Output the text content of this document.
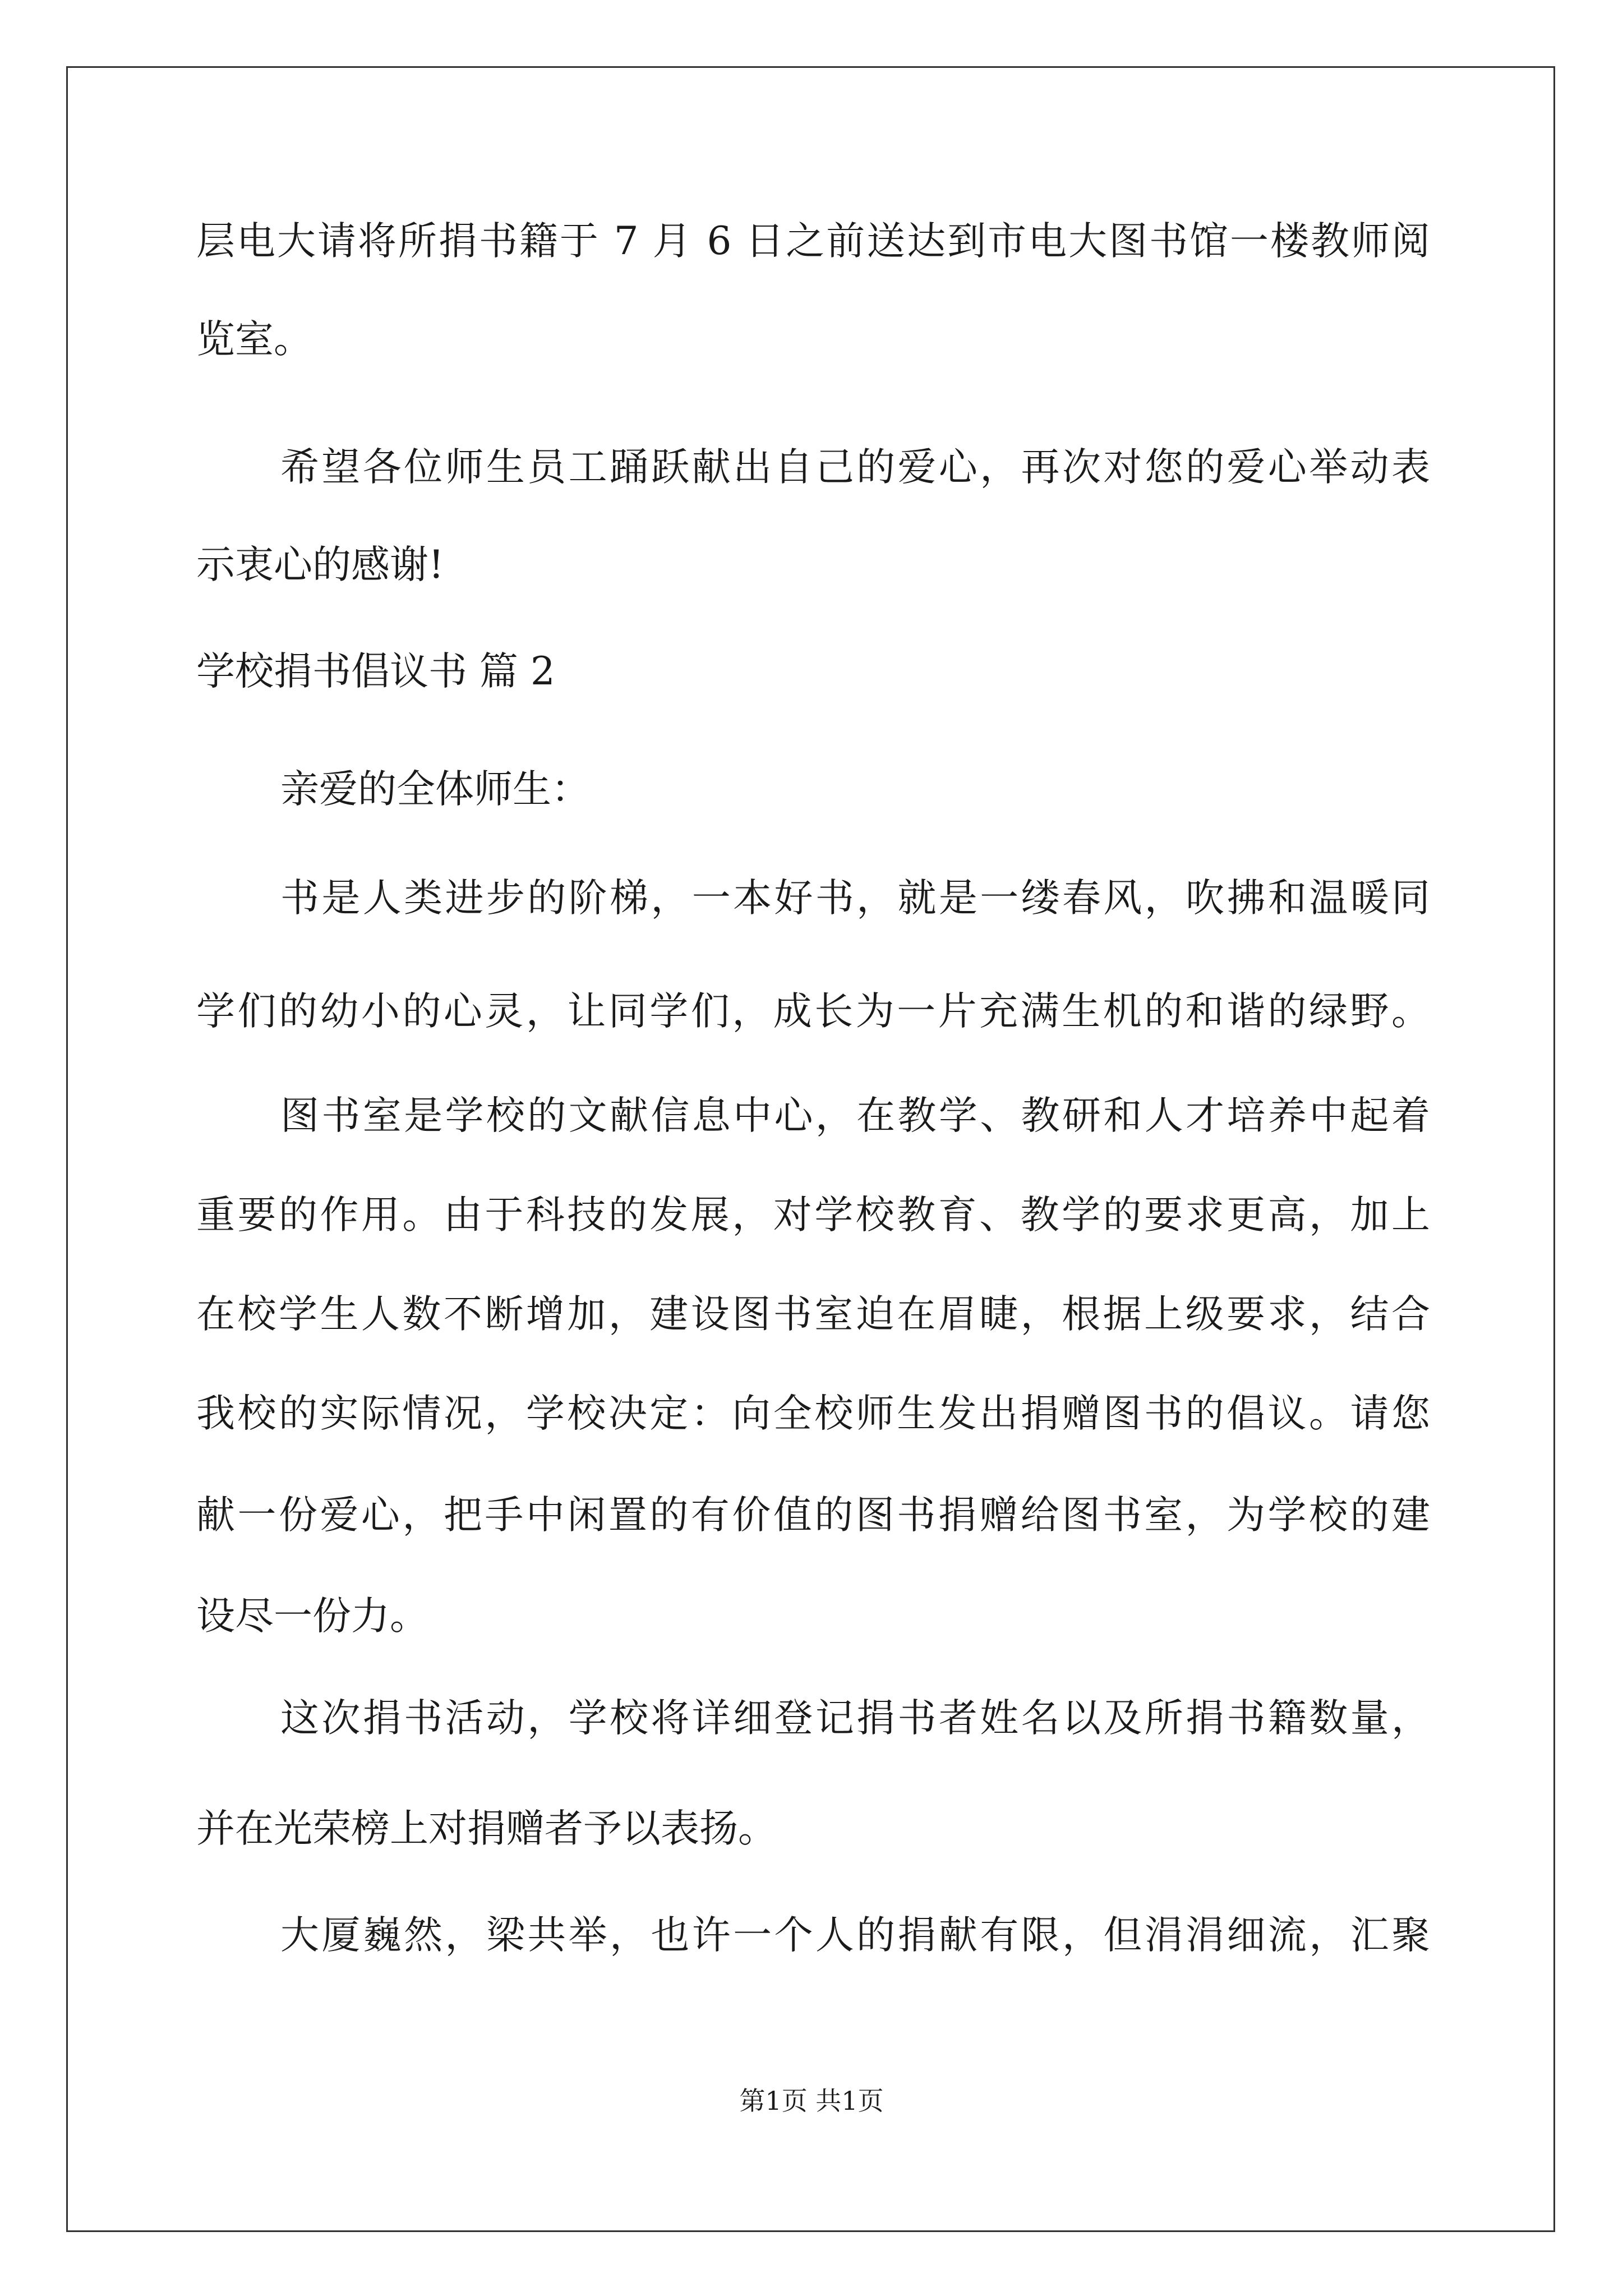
层电大请将所捐书籍于 7 月 6 日之前送达到市电大图书馆一楼教师阅
览室。
希望各位师生员工踊跃献出自己的爱心，再次对您的爱心举动表
示衷心的感谢!
学校捐书倡议书 篇 2
亲爱的全体师生：
书是人类进步的阶梯，一本好书，就是一缕春风，吹拂和温暖同
学们的幼小的心灵，让同学们，成长为一片充满生机的和谐的绿野。
图书室是学校的文献信息中心，在教学、教研和人才培养中起着
重要的作用。由于科技的发展，对学校教育、教学的要求更高，加上
在校学生人数不断增加，建设图书室迫在眉睫，根据上级要求，结合
我校的实际情况，学校决定：向全校师生发出捐赠图书的倡议。请您
献一份爱心，把手中闲置的有价值的图书捐赠给图书室，为学校的建
设尽一份力。
这次捐书活动，学校将详细登记捐书者姓名以及所捐书籍数量，
并在光荣榜上对捐赠者予以表扬。
大厦巍然，梁共举，也许一个人的捐献有限，但涓涓细流，汇聚
第1页 共1页
